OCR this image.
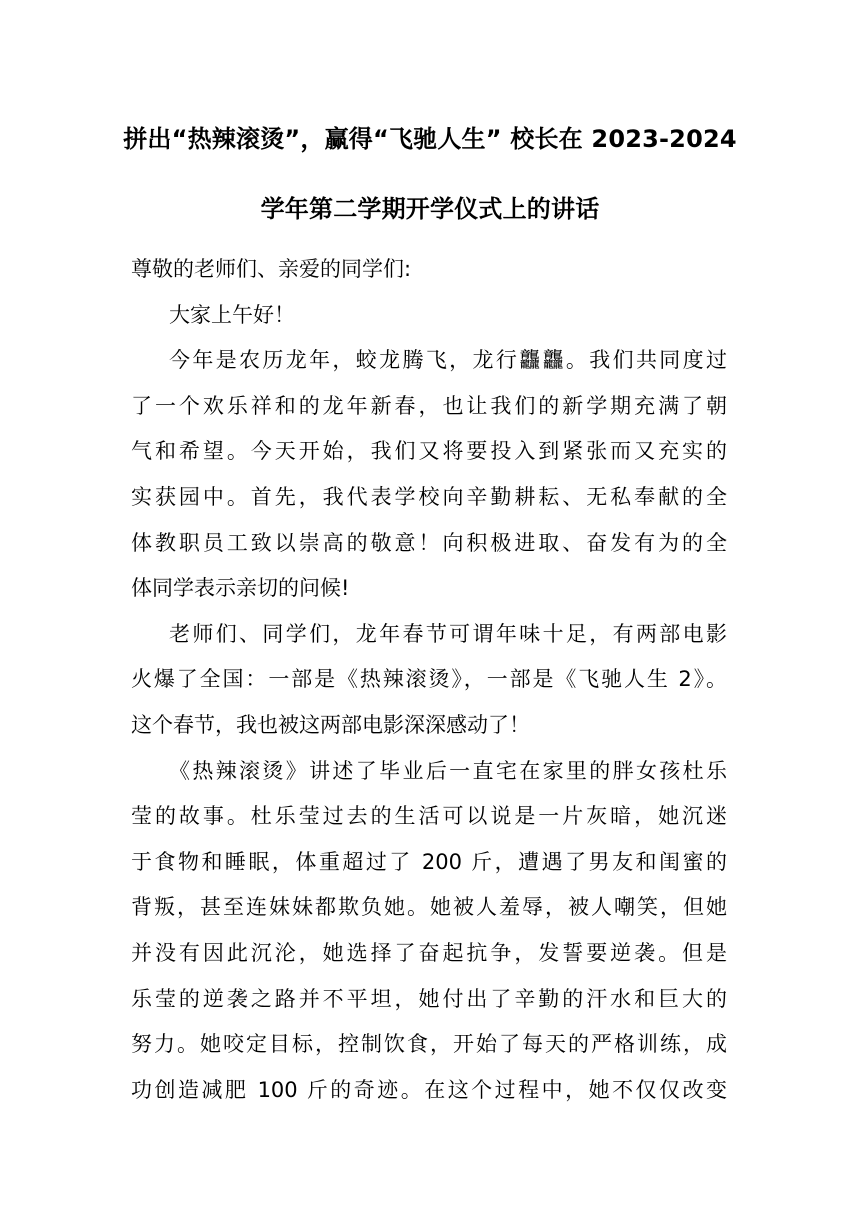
拼出“热辣滚烫”，赢得“飞驰人生” 校长在 2023-2024
学年第二学期开学仪式上的讲话
尊敬的老师们、亲爱的同学们:
大家上午好！
今年是农历龙年，蛟龙腾飞，龙行龘龘。我们共同度过
了一个欢乐祥和的龙年新春，也让我们的新学期充满了朝
气和希望。今天开始，我们又将要投入到紧张而又充实的
实获园中。首先，我代表学校向辛勤耕耘、无私奉献的全
体教职员工致以崇高的敬意！向积极进取、奋发有为的全
体同学表示亲切的问候!
老师们、同学们，龙年春节可谓年味十足，有两部电影
火爆了全国：一部是《热辣滚烫》，一部是《飞驰人生 2》。
这个春节，我也被这两部电影深深感动了！
《热辣滚烫》讲述了毕业后一直宅在家里的胖女孩杜乐
莹的故事。杜乐莹过去的生活可以说是一片灰暗，她沉迷
于食物和睡眠，体重超过了 200 斤，遭遇了男友和闺蜜的
背叛，甚至连妹妹都欺负她。她被人羞辱，被人嘲笑，但她
并没有因此沉沦，她选择了奋起抗争，发誓要逆袭。但是
乐莹的逆袭之路并不平坦，她付出了辛勤的汗水和巨大的
努力。她咬定目标，控制饮食，开始了每天的严格训练，成
功创造减肥 100 斤的奇迹。在这个过程中，她不仅仅改变
